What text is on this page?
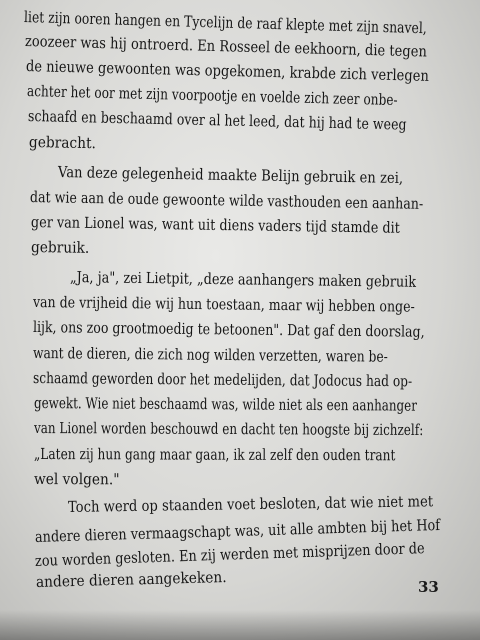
liet zijn ooren hangen en Tycelijn de raaf klepte met zijn snavel,
zoozeer was hij ontroerd. En Rosseel de eekhoorn, die tegen
de nieuwe gewoonten was opgekomen, krabde zich verlegen
achter het oor met zijn voorpootje en voelde zich zeer onbe-
schaafd en beschaamd over al het leed, dat hij had te weeg
gebracht.
Van deze gelegenheid maakte Belijn gebruik en zei,
dat wie aan de oude gewoonte wilde vasthouden een aanhan-
ger van Lionel was, want uit diens vaders tijd stamde dit
gebruik.
„Ja, ja", zei Lietpit, „deze aanhangers maken gebruik
van de vrijheid die wij hun toestaan, maar wij hebben onge-
lijk, ons zoo grootmoedig te betoonen". Dat gaf den doorslag,
want de dieren, die zich nog wilden verzetten, waren be-
schaamd geworden door het medelijden, dat Jodocus had op-
gewekt. Wie niet beschaamd was, wilde niet als een aanhanger
van Lionel worden beschouwd en dacht ten hoogste bij zichzelf:
„Laten zij hun gang maar gaan, ik zal zelf den ouden trant
wel volgen."
Toch werd op staanden voet besloten, dat wie niet met
andere dieren vermaagschapt was, uit alle ambten bij het Hof
zou worden gesloten. En zij werden met misprijzen door de
andere dieren aangekeken.	33
